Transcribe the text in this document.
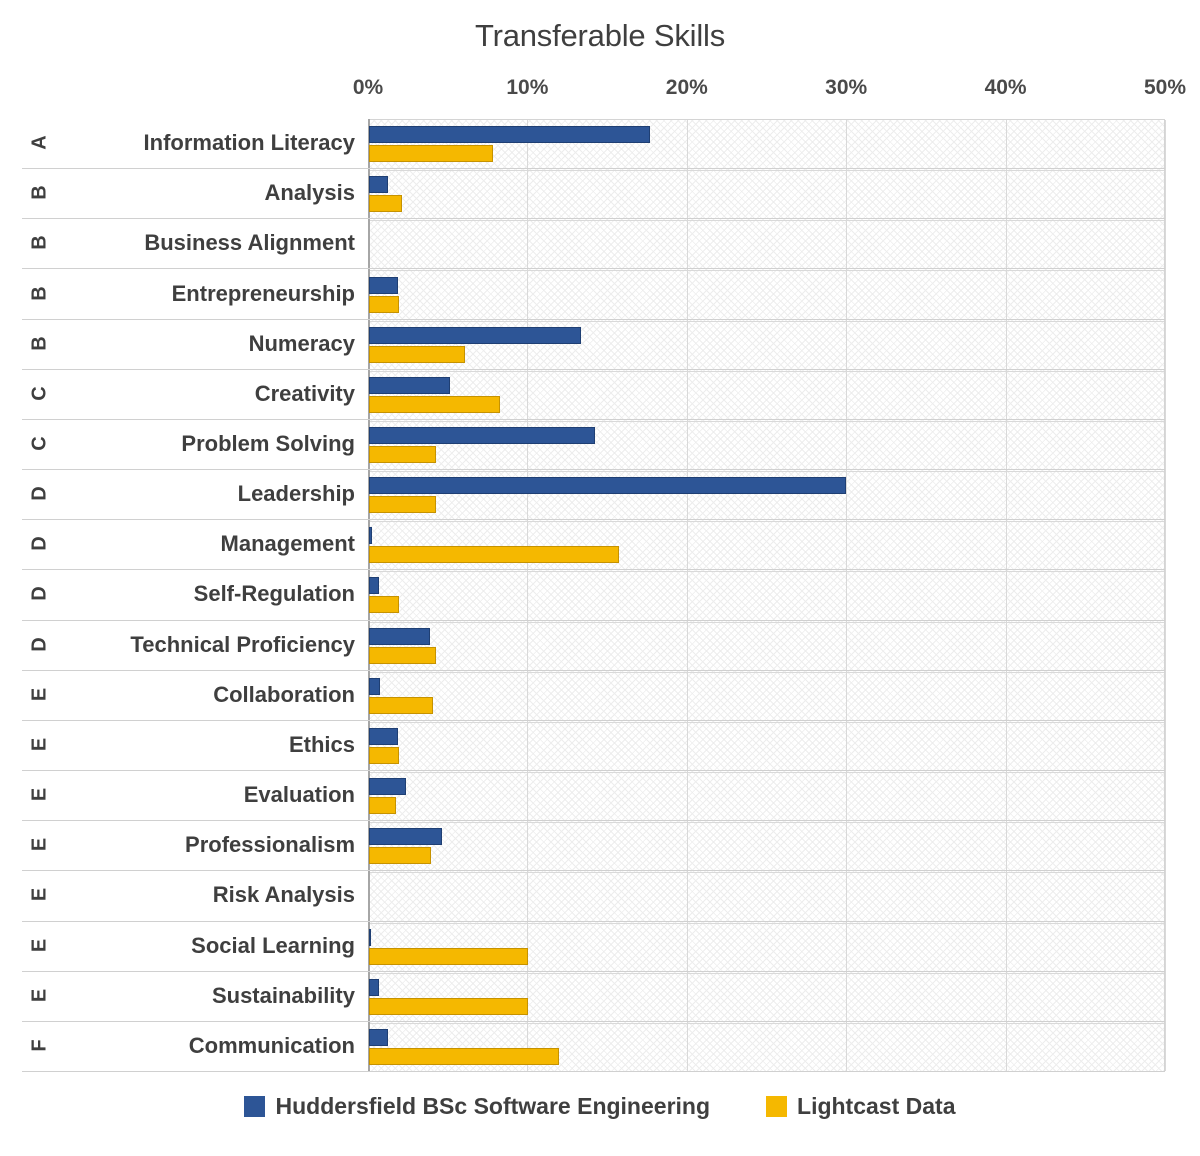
Transferable Skills
0%	10%	20%	30%	40%	50%
A	Information Literacy
B	Analysis
B	Business Alignment
B	Entrepreneurship
B	Numeracy
C	Creativity
C	Problem Solving
D	Leadership
D	Management
D	Self-Regulation
D	Technical Proficiency
E	Collaboration
E	Ethics
E	Evaluation
E	Professionalism
E	Risk Analysis
E	Social Learning
E	Sustainability
F	Communication
Huddersfield BSc Software Engineering	Lightcast Data
